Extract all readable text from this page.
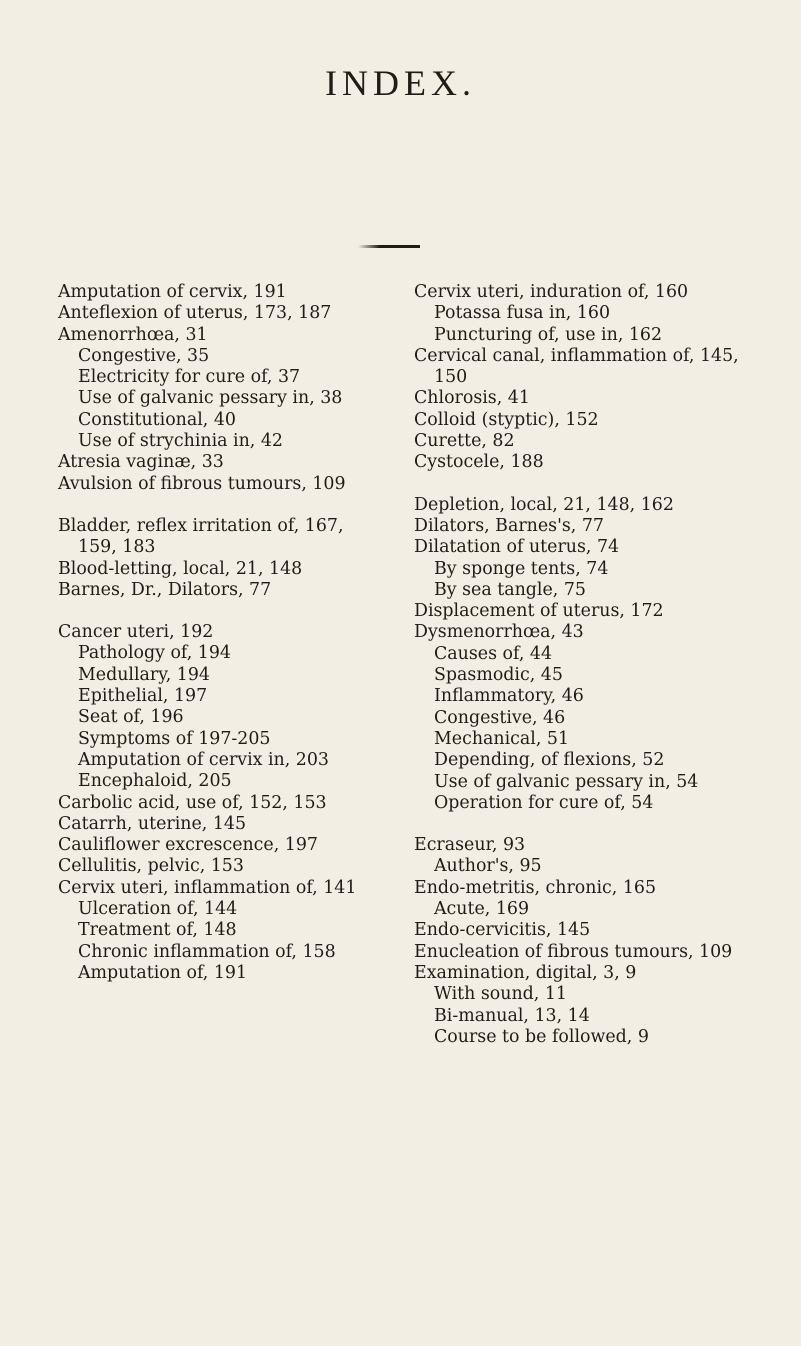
INDEX.
Amputation of cervix, 191
Anteflexion of uterus, 173, 187
Amenorrhœa, 31
Congestive, 35
Electricity for cure of, 37
Use of galvanic pessary in, 38
Constitutional, 40
Use of strychinia in, 42
Atresia vaginæ, 33
Avulsion of fibrous tumours, 109
Bladder, reflex irritation of, 167, 159, 183
Blood-letting, local, 21, 148
Barnes, Dr., Dilators, 77
Cancer uteri, 192
Pathology of, 194
Medullary, 194
Epithelial, 197
Seat of, 196
Symptoms of 197-205
Amputation of cervix in, 203
Encephaloid, 205
Carbolic acid, use of, 152, 153
Catarrh, uterine, 145
Cauliflower excrescence, 197
Cellulitis, pelvic, 153
Cervix uteri, inflammation of, 141
Ulceration of, 144
Treatment of, 148
Chronic inflammation of, 158
Amputation of, 191
Cervix uteri, induration of, 160
Potassa fusa in, 160
Puncturing of, use in, 162
Cervical canal, inflammation of, 145, 150
Chlorosis, 41
Colloid (styptic), 152
Curette, 82
Cystocele, 188
Depletion, local, 21, 148, 162
Dilators, Barnes's, 77
Dilatation of uterus, 74
By sponge tents, 74
By sea tangle, 75
Displacement of uterus, 172
Dysmenorrhœa, 43
Causes of, 44
Spasmodic, 45
Inflammatory, 46
Congestive, 46
Mechanical, 51
Depending, of flexions, 52
Use of galvanic pessary in, 54
Operation for cure of, 54
Ecraseur, 93
Author's, 95
Endo-metritis, chronic, 165
Acute, 169
Endo-cervicitis, 145
Enucleation of fibrous tumours, 109
Examination, digital, 3, 9
With sound, 11
Bi-manual, 13, 14
Course to be followed, 9
